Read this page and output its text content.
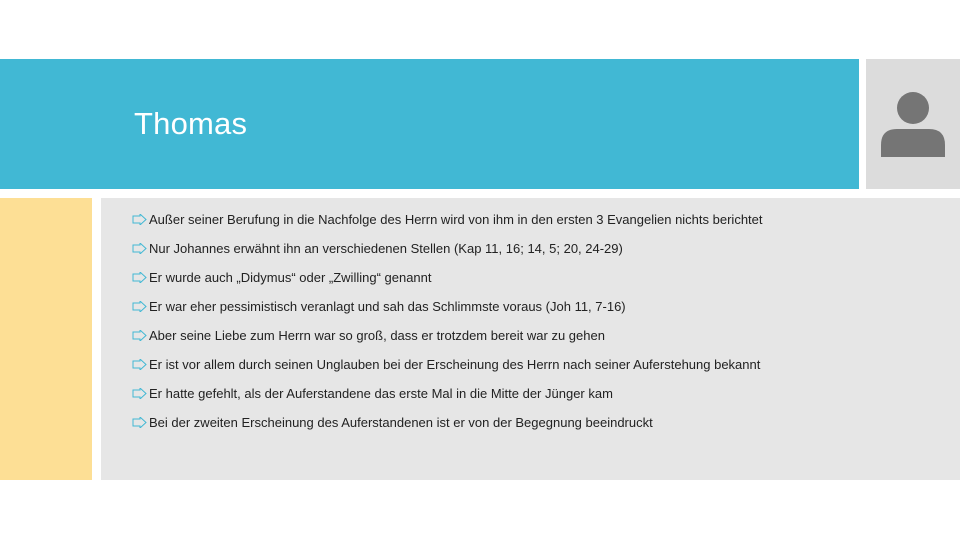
Thomas
Außer seiner Berufung in die Nachfolge des Herrn wird von ihm in den ersten 3 Evangelien nichts berichtet
Nur Johannes erwähnt ihn an verschiedenen Stellen (Kap 11, 16; 14, 5; 20, 24-29)
Er wurde auch „Didymus“ oder „Zwilling“ genannt
Er war eher pessimistisch veranlagt und sah das Schlimmste voraus (Joh 11, 7-16)
Aber seine Liebe zum Herrn war so groß, dass er trotzdem bereit war zu gehen
Er ist vor allem durch seinen Unglauben bei der Erscheinung des Herrn nach seiner Auferstehung bekannt
Er hatte gefehlt, als der Auferstandene das erste Mal in die Mitte der Jünger kam
Bei der zweiten Erscheinung des Auferstandenen ist er von der Begegnung beeindruckt
